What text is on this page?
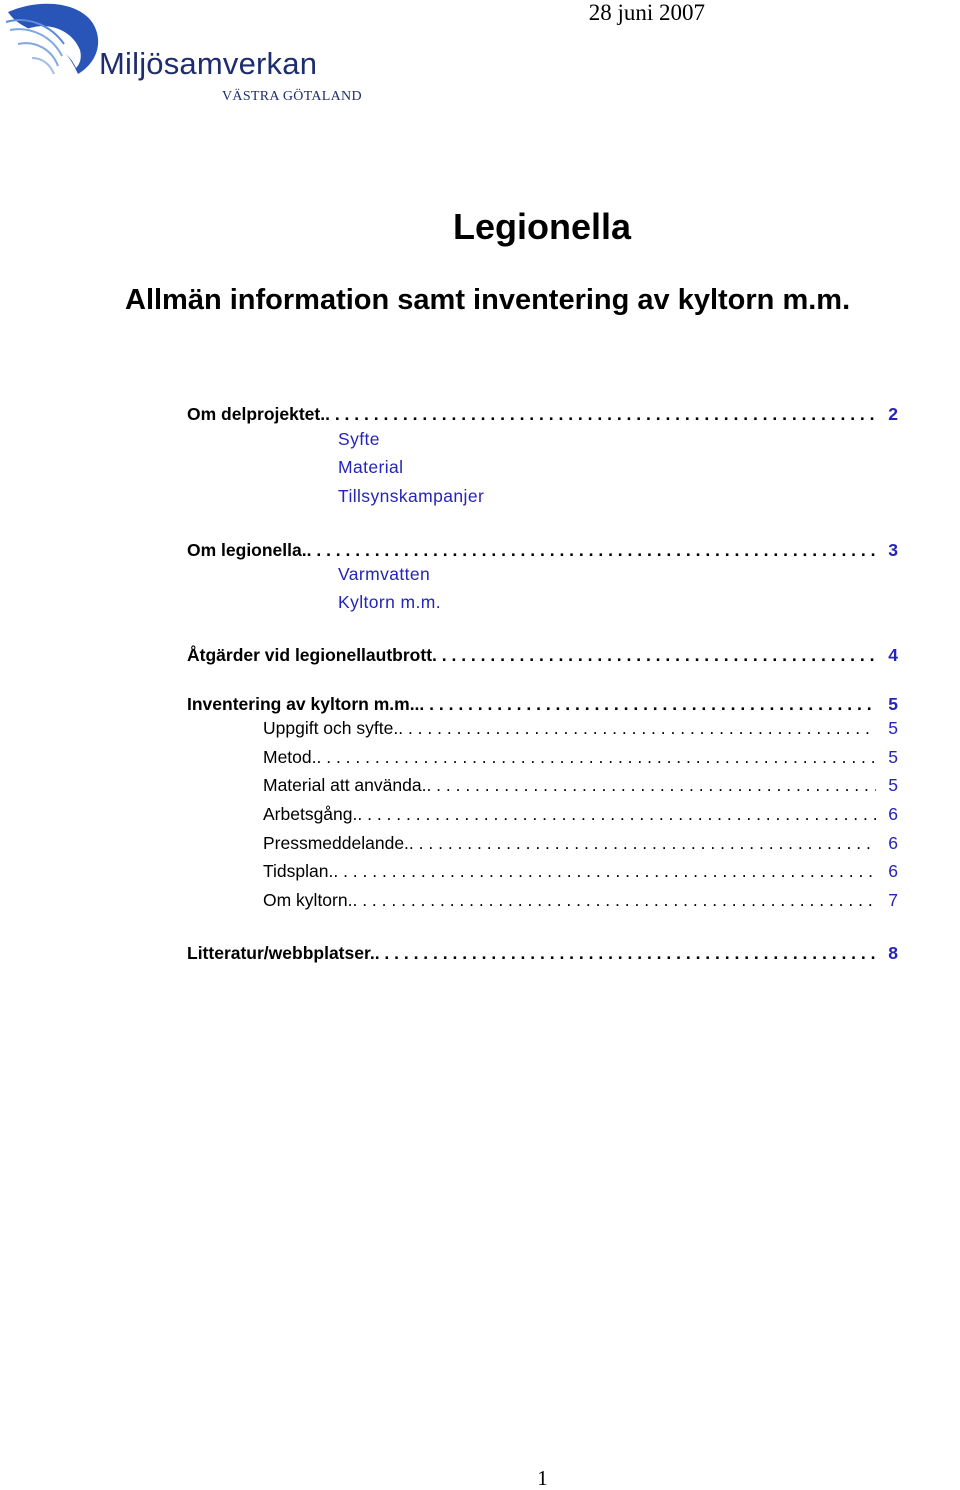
28 juni 2007
Miljösamverkan
VÄSTRA GÖTALAND
Legionella
Allmän information samt inventering av kyltorn m.m.
Om delprojektet. . . .	2
Syfte
Material
Tillsynskampanjer
Om legionella. . . .	3
Varmvatten
Kyltorn m.m.
Åtgärder vid legionellautbrott . . .	4
Inventering av kyltorn m.m.. . . .	5
Uppgift och syfte. . . .	5
Metod. . . .	5
Material att använda. . . .	5
Arbetsgång. . . .	6
Pressmeddelande. . . .	6
Tidsplan. . . .	6
Om kyltorn. . . .	7
Litteratur/webbplatser. . . .	8
1
